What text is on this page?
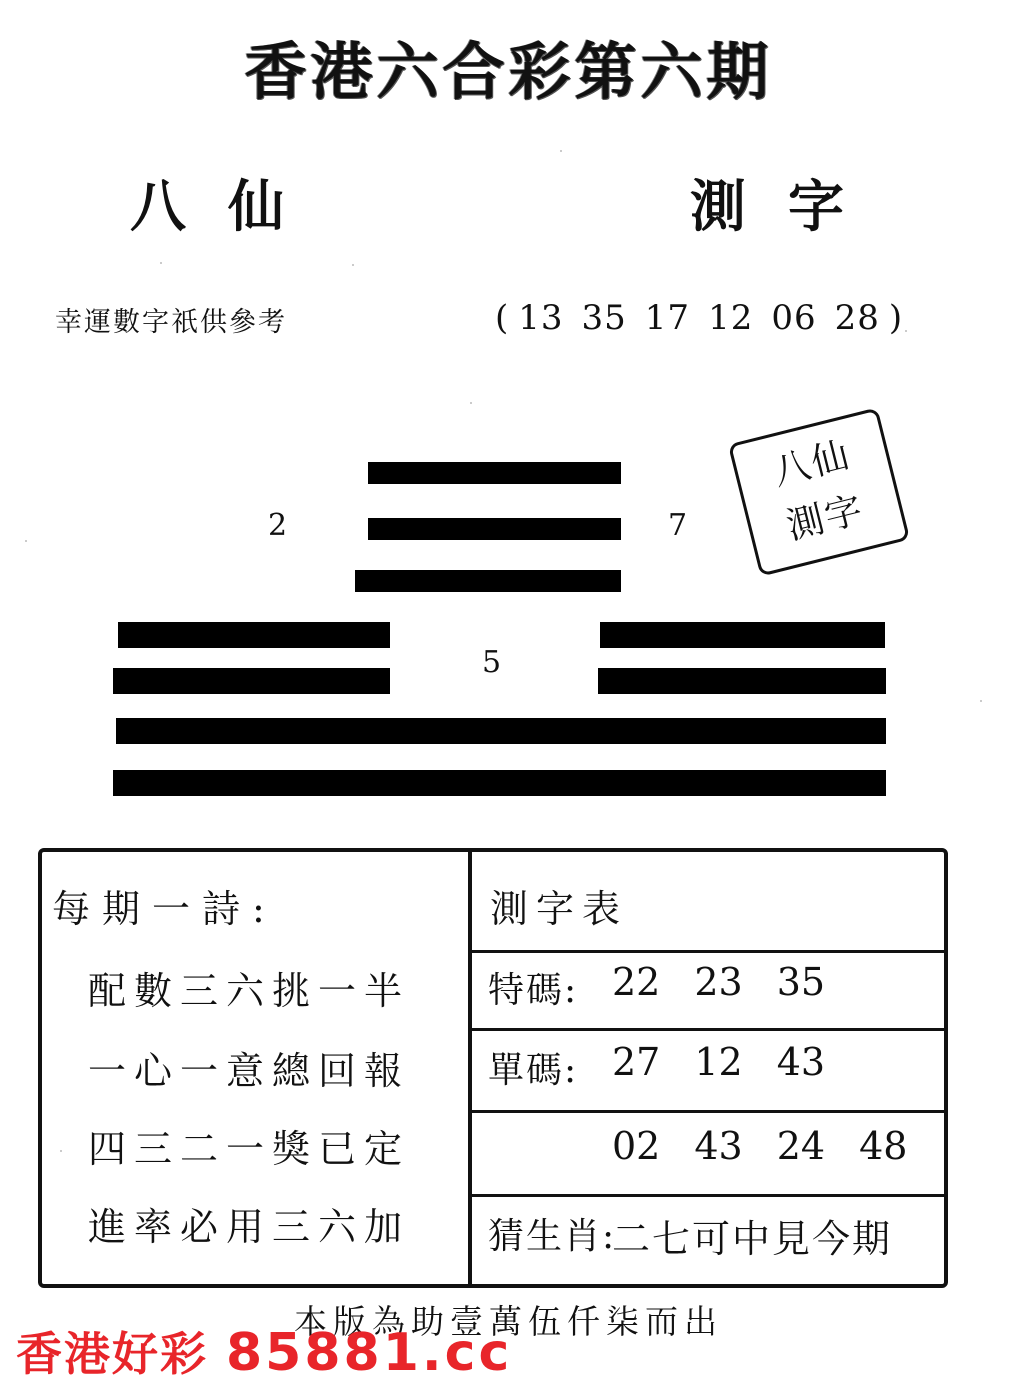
香港六合彩第六期
八仙	測字
幸運數字祇供參考	( 13 35 17 12 06 28 )
2	7
5
八仙
測字
每期一詩:
配數三六挑一半
一心一意總回報
四三二一獎已定
進率必用三六加
測字表
特碼: 22 23 35
單碼: 27 12 43
02 43 24 48
猜生肖:
二七可中見今期
本版為助壹萬伍仟柒而出
香港好彩 85881.cc
